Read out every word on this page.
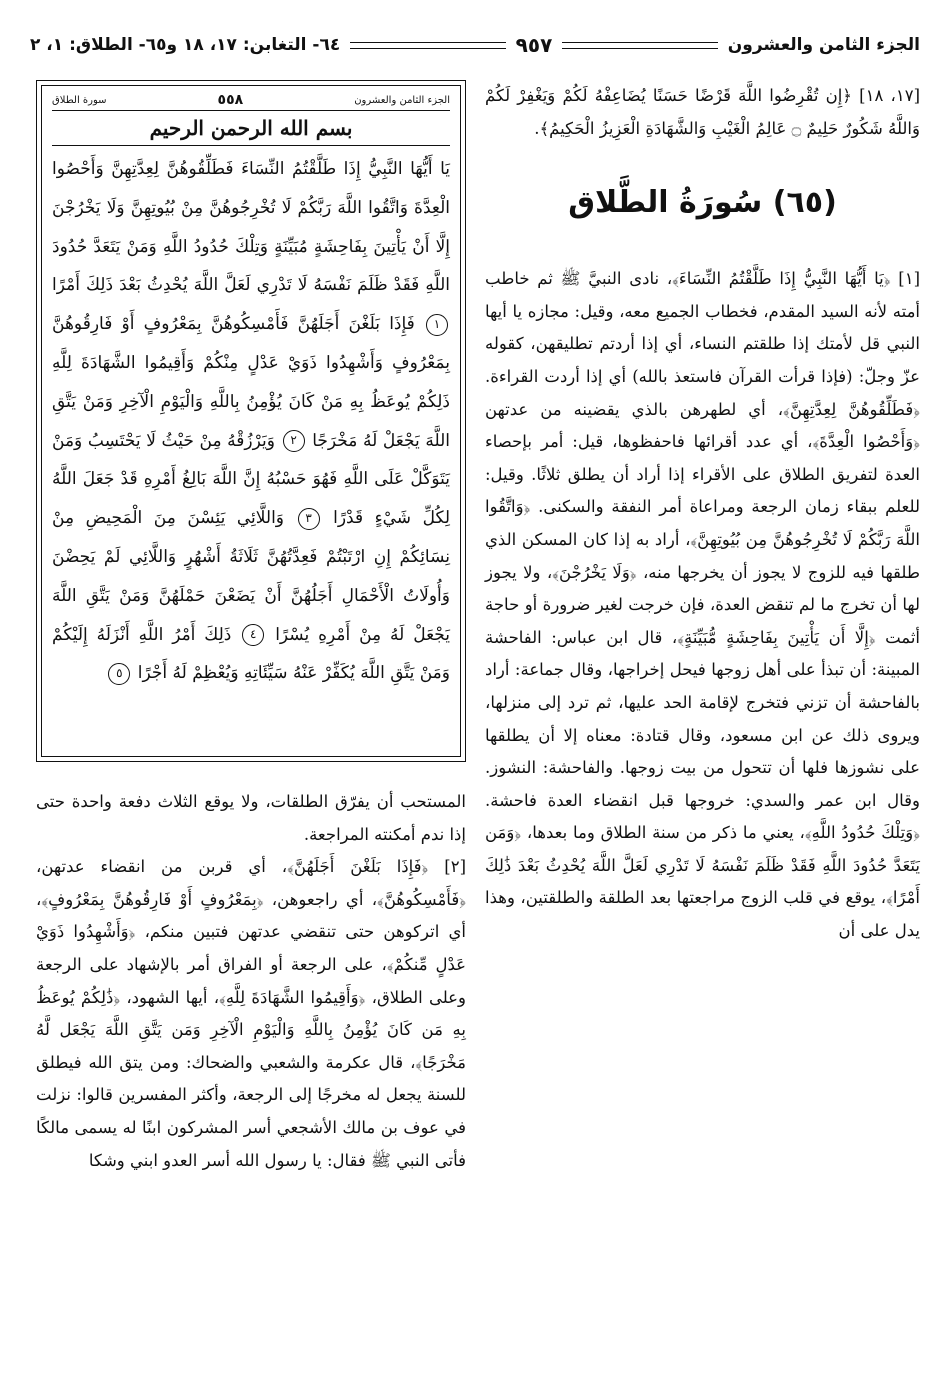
الجزء الثامن والعشرون
٩٥٧
٦٤- التغابن: ١٧، ١٨ و٦٥- الطلاق: ١، ٢

[١٧، ١٨] ﴿إِن تُقْرِضُوا اللَّهَ قَرْضًا حَسَنًا يُضَاعِفْهُ لَكُمْ وَيَغْفِرْ لَكُمْ وَاللَّهُ شَكُورٌ حَلِيمٌ ۝ عَالِمُ الْغَيْبِ وَالشَّهَادَةِ الْعَزِيزُ الْحَكِيمُ﴾.

(٦٥) سُورَةُ الطَّلاق

[١] ﴿يَا أَيُّهَا النَّبِيُّ إِذَا طَلَّقْتُمُ النِّسَاءَ﴾، نادى النبيَّ ﷺ ثم خاطب أمته لأنه السيد المقدم، فخطاب الجميع معه، وقيل: مجازه يا أيها النبي قل لأمتك إذا طلقتم النساء، أي إذا أردتم تطليقهن، كقوله عزّ وجلّ: (فإذا قرأت القرآن فاستعذ بالله) أي إذا أردت القراءة. ﴿فَطَلِّقُوهُنَّ لِعِدَّتِهِنَّ﴾، أي لطهرهن بالذي يقضينه من عدتهن ﴿وَأَحْصُوا الْعِدَّةَ﴾، أي عدد أقرائها فاحفظوها، قيل: أمر بإحصاء العدة لتفريق الطلاق على الأقراء إذا أراد أن يطلق ثلاثًا. وقيل: للعلم ببقاء زمان الرجعة ومراعاة أمر النفقة والسكنى. ﴿وَاتَّقُوا اللَّهَ رَبَّكُمْ لَا تُخْرِجُوهُنَّ مِن بُيُوتِهِنَّ﴾، أراد به إذا كان المسكن الذي طلقها فيه للزوج لا يجوز أن يخرجها منه، ﴿وَلَا يَخْرُجْنَ﴾، ولا يجوز لها أن تخرج ما لم تنقض العدة، فإن خرجت لغير ضرورة أو حاجة أثمت ﴿إِلَّا أَن يَأْتِينَ بِفَاحِشَةٍ مُّبَيِّنَةٍ﴾، قال ابن عباس: الفاحشة المبينة: أن تبذأ على أهل زوجها فيحل إخراجها، وقال جماعة: أراد بالفاحشة أن تزني فتخرج لإقامة الحد عليها، ثم ترد إلى منزلها، ويروى ذلك عن ابن مسعود، وقال قتادة: معناه إلا أن يطلقها على نشوزها فلها أن تتحول من بيت زوجها. والفاحشة: النشوز. وقال ابن عمر والسدي: خروجها قبل انقضاء العدة فاحشة. ﴿وَتِلْكَ حُدُودُ اللَّهِ﴾، يعني ما ذكر من سنة الطلاق وما بعدها، ﴿وَمَن يَتَعَدَّ حُدُودَ اللَّهِ فَقَدْ ظَلَمَ نَفْسَهُ لَا تَدْرِي لَعَلَّ اللَّهَ يُحْدِثُ بَعْدَ ذَٰلِكَ أَمْرًا﴾، يوقع في قلب الزوج مراجعتها بعد الطلقة والطلقتين، وهذا يدل على أن

الجزء الثامن والعشرون
٥٥٨
سورة الطلاق
بسم الله الرحمن الرحيم
يَا أَيُّهَا النَّبِيُّ إِذَا طَلَّقْتُمُ النِّسَاءَ فَطَلِّقُوهُنَّ لِعِدَّتِهِنَّ وَأَحْصُوا الْعِدَّةَ وَاتَّقُوا اللَّهَ رَبَّكُمْ لَا تُخْرِجُوهُنَّ مِنْ بُيُوتِهِنَّ وَلَا يَخْرُجْنَ إِلَّا أَنْ يَأْتِينَ بِفَاحِشَةٍ مُبَيِّنَةٍ وَتِلْكَ حُدُودُ اللَّهِ وَمَنْ يَتَعَدَّ حُدُودَ اللَّهِ فَقَدْ ظَلَمَ نَفْسَهُ لَا تَدْرِي لَعَلَّ اللَّهَ يُحْدِثُ بَعْدَ ذَلِكَ أَمْرًا ١ فَإِذَا بَلَغْنَ أَجَلَهُنَّ فَأَمْسِكُوهُنَّ بِمَعْرُوفٍ أَوْ فَارِقُوهُنَّ بِمَعْرُوفٍ وَأَشْهِدُوا ذَوَيْ عَدْلٍ مِنْكُمْ وَأَقِيمُوا الشَّهَادَةَ لِلَّهِ ذَلِكُمْ يُوعَظُ بِهِ مَنْ كَانَ يُؤْمِنُ بِاللَّهِ وَالْيَوْمِ الْآخِرِ وَمَنْ يَتَّقِ اللَّهَ يَجْعَلْ لَهُ مَخْرَجًا ٢ وَيَرْزُقْهُ مِنْ حَيْثُ لَا يَحْتَسِبُ وَمَنْ يَتَوَكَّلْ عَلَى اللَّهِ فَهُوَ حَسْبُهُ إِنَّ اللَّهَ بَالِغُ أَمْرِهِ قَدْ جَعَلَ اللَّهُ لِكُلِّ شَيْءٍ قَدْرًا ٣ وَاللَّائِي يَئِسْنَ مِنَ الْمَحِيضِ مِنْ نِسَائِكُمْ إِنِ ارْتَبْتُمْ فَعِدَّتُهُنَّ ثَلَاثَةُ أَشْهُرٍ وَاللَّائِي لَمْ يَحِضْنَ وَأُولَاتُ الْأَحْمَالِ أَجَلُهُنَّ أَنْ يَضَعْنَ حَمْلَهُنَّ وَمَنْ يَتَّقِ اللَّهَ يَجْعَلْ لَهُ مِنْ أَمْرِهِ يُسْرًا ٤ ذَلِكَ أَمْرُ اللَّهِ أَنْزَلَهُ إِلَيْكُمْ وَمَنْ يَتَّقِ اللَّهَ يُكَفِّرْ عَنْهُ سَيِّئَاتِهِ وَيُعْظِمْ لَهُ أَجْرًا ٥

المستحب أن يفرّق الطلقات، ولا يوقع الثلاث دفعة واحدة حتى إذا ندم أمكنته المراجعة.

[٢] ﴿فَإِذَا بَلَغْنَ أَجَلَهُنَّ﴾، أي قربن من انقضاء عدتهن، ﴿فَأَمْسِكُوهُنَّ﴾، أي راجعوهن، ﴿بِمَعْرُوفٍ أَوْ فَارِقُوهُنَّ بِمَعْرُوفٍ﴾، أي اتركوهن حتى تنقضي عدتهن فتبين منكم، ﴿وَأَشْهِدُوا ذَوَيْ عَدْلٍ مِّنكُمْ﴾، على الرجعة أو الفراق أمر بالإشهاد على الرجعة وعلى الطلاق، ﴿وَأَقِيمُوا الشَّهَادَةَ لِلَّهِ﴾، أيها الشهود، ﴿ذَٰلِكُمْ يُوعَظُ بِهِ مَن كَانَ يُؤْمِنُ بِاللَّهِ وَالْيَوْمِ الْآخِرِ وَمَن يَتَّقِ اللَّهَ يَجْعَل لَّهُ مَخْرَجًا﴾، قال عكرمة والشعبي والضحاك: ومن يتق الله فيطلق للسنة يجعل له مخرجًا إلى الرجعة، وأكثر المفسرين قالوا: نزلت في عوف بن مالك الأشجعي أسر المشركون ابنًا له يسمى مالكًا فأتى النبي ﷺ فقال: يا رسول الله أسر العدو ابني وشكا
